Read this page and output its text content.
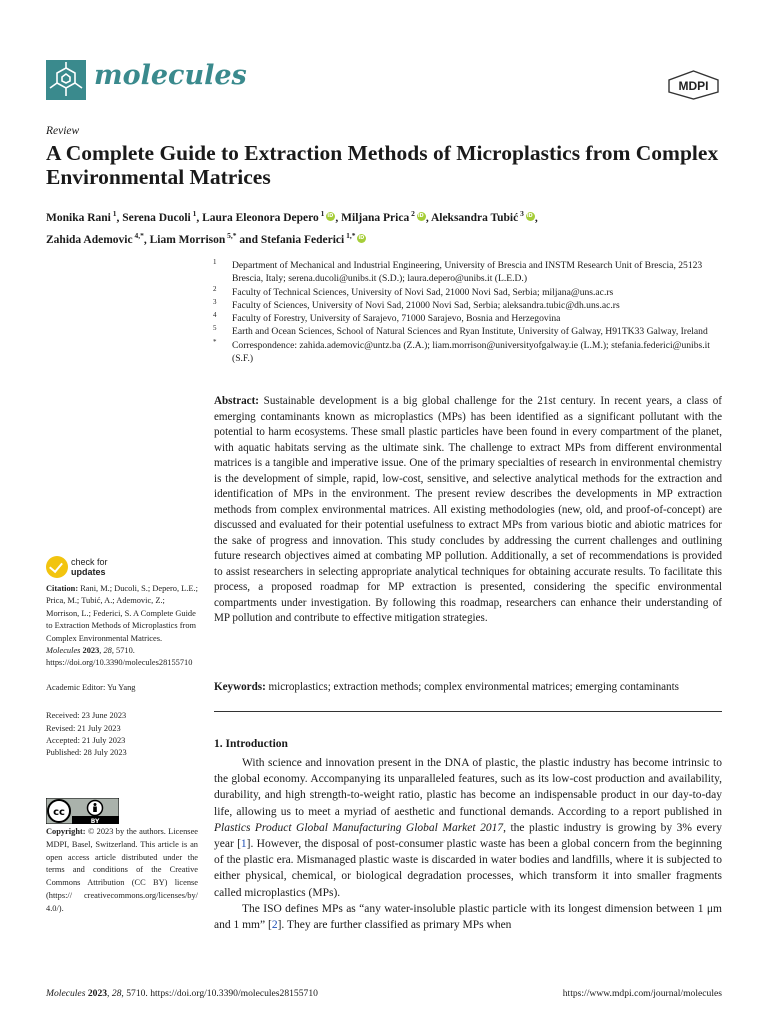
molecules	MDPI
Review
A Complete Guide to Extraction Methods of Microplastics from Complex Environmental Matrices
Monika Rani $^1$, Serena Ducoli $^1$, Laura Eleonora Depero $^1$ iD , Miljana Prica $^2$ iD , Aleksandra Tubić $^3$ iD ,
Zahida Ademovic $^{4,*}$, Liam Morrison $^{5,*}$ and Stefania Federici $^{1,*}$iD
1 Department of Mechanical and Industrial Engineering, University of Brescia and INSTM Research Unit of Brescia, 25123 Brescia, Italy; serena.ducoli@unibs.it (S.D.); laura.depero@unibs.it (L.E.D.)
2 Faculty of Technical Sciences, University of Novi Sad, 21000 Novi Sad, Serbia; miljana@uns.ac.rs
3 Faculty of Sciences, University of Novi Sad, 21000 Novi Sad, Serbia; aleksandra.tubic@dh.uns.ac.rs
4 Faculty of Forestry, University of Sarajevo, 71000 Sarajevo, Bosnia and Herzegovina
5 Earth and Ocean Sciences, School of Natural Sciences and Ryan Institute, University of Galway, H91TK33 Galway, Ireland
* Correspondence: zahida.ademovic@untz.ba (Z.A.); liam.morrison@universityofgalway.ie (L.M.); stefania.federici@unibs.it (S.F.)

Abstract: Sustainable development is a big global challenge for the 21st century. In recent years, a class of emerging contaminants known as microplastics (MPs) has been identified as a significant pollutant with the potential to harm ecosystems. These small plastic particles have been found in every compartment of the planet, with aquatic habitats serving as the ultimate sink. The challenge to extract MPs from different environmental matrices is a tangible and imperative issue. One of the primary specialties of research in environmental chemistry is the development of simple, rapid, low-cost, sensitive, and selective analytical methods for the extraction and identification of MPs in the environment. The present review describes the developments in MP extraction methods from complex environmental matrices. All existing methodologies (new, old, and proof-of-concept) are discussed and evaluated for their potential usefulness to extract MPs from various biotic and abiotic matrices for the sake of progress and innovation. This study concludes by addressing the current challenges and outlining future research objectives aimed at combating MP pollution. Additionally, a set of recommendations is provided to assist researchers in selecting appropriate analytical techniques for obtaining accurate results. To facilitate this process, a proposed roadmap for MP extraction is presented, considering the specific environmental compartments under investigation. By following this roadmap, researchers can enhance their understanding of MP pollution and contribute to effective mitigation strategies.

Keywords: microplastics; extraction methods; complex environmental matrices; emerging contaminants
1. Introduction

With science and innovation present in the DNA of plastic, the plastic industry has become intrinsic to the global economy. Accompanying its unparalleled features, such as its low-cost production and availability, durability, and high strength-to-weight ratio, plastic has become an indispensable product in our day-to-day life, allowing us to meet a myriad of aesthetic and functional demands. According to a report published in Plastics Product Global Manufacturing Global Market 2017, the plastic industry is growing by 3% every year [1]. However, the disposal of post-consumer plastic waste has been a global concern from the beginning of the plastic era. Mismanaged plastic waste is discarded in water bodies and landfills, where it is subjected to either physical, chemical, or biological degradation processes, which transform it into smaller fragments called microplastics (MPs).

The ISO defines MPs as “any water-insoluble plastic particle with its longest dimension between 1 μm and 1 mm” [2]. They are further classified as primary MPs when

check for
updates
Citation: Rani, M.; Ducoli, S.; Depero, L.E.; Prica, M.; Tubić, A.; Ademovic, Z.; Morrison, L.; Federici, S. A Complete Guide to Extraction Methods of Microplastics from Complex Environmental Matrices. Molecules 2023, 28, 5710. https://doi.org/10.3390/molecules28155710
Academic Editor: Yu Yang
Received: 23 June 2023
Revised: 21 July 2023
Accepted: 21 July 2023
Published: 28 July 2023
cc
BY
Copyright: © 2023 by the authors. Licensee MDPI, Basel, Switzerland. This article is an open access article distributed under the terms and conditions of the Creative Commons Attribution (CC BY) license (https:// creativecommons.org/licenses/by/ 4.0/).
Molecules 2023, 28, 5710. https://doi.org/10.3390/molecules28155710	https://www.mdpi.com/journal/molecules
